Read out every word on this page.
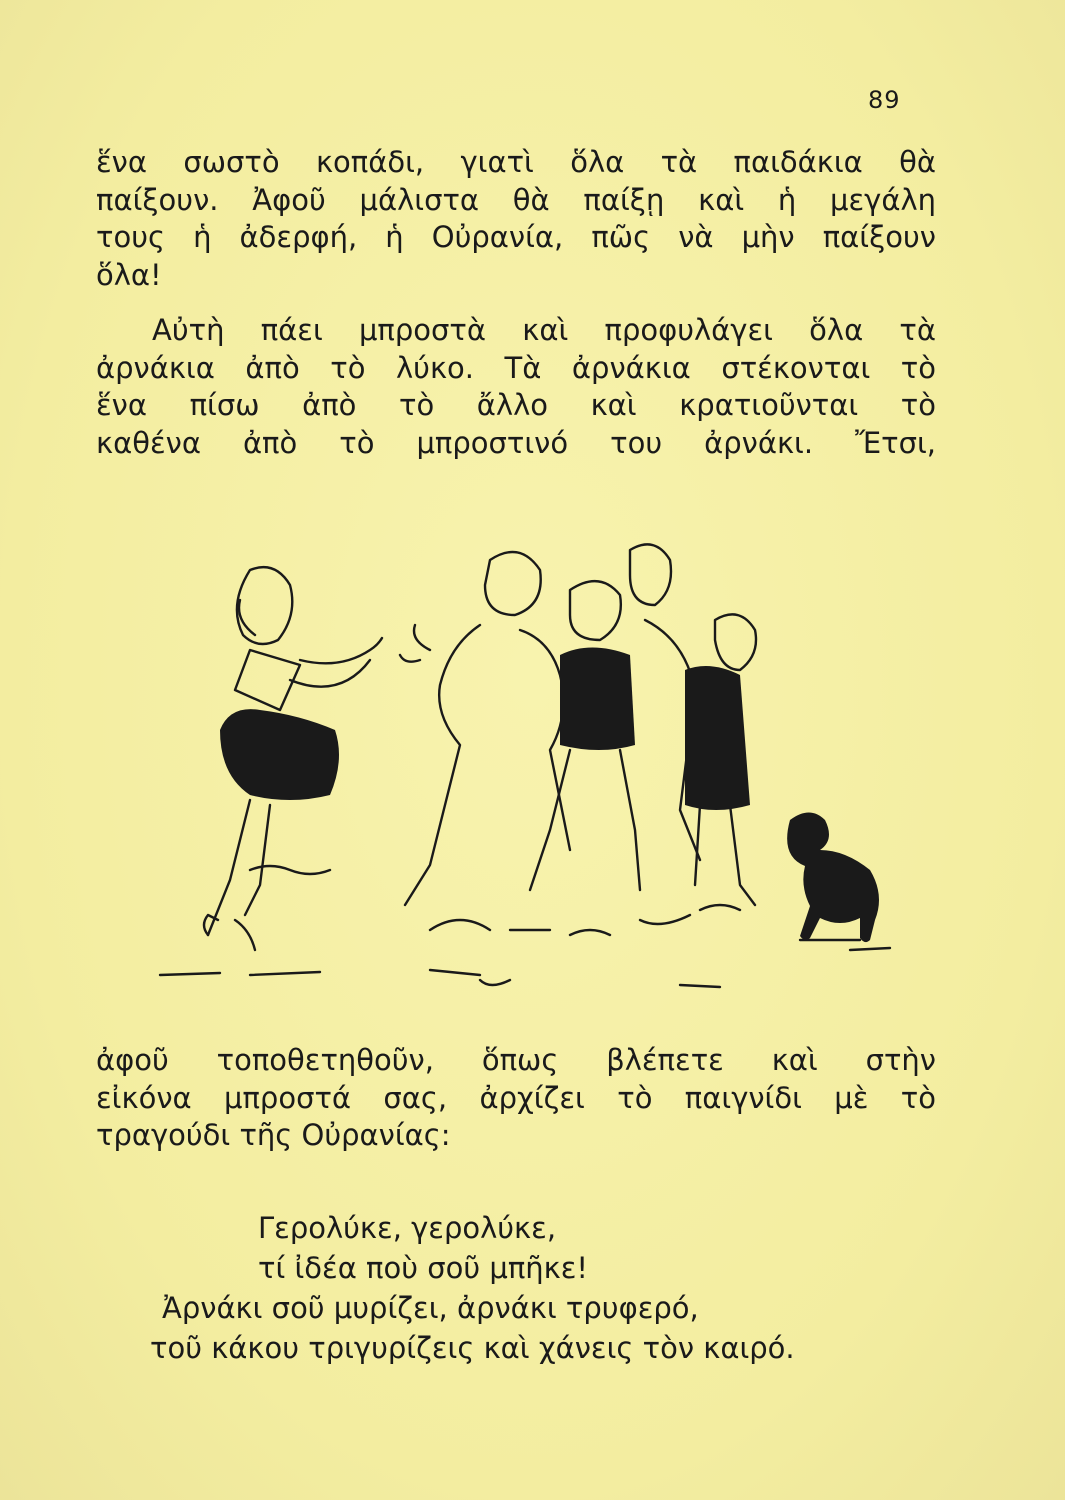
89

ἕνα σωστὸ κοπάδι, γιατὶ ὅλα τὰ παιδάκια θὰ
παίξουν. Ἀφοῦ μάλιστα θὰ παίξῃ καὶ ἡ μεγάλη
τους ἡ ἀδερφή, ἡ Οὐρανία, πῶς νὰ μὴν παίξουν
ὅλα!

Αὐτὴ πάει μπροστὰ καὶ προφυλάγει ὅλα τὰ
ἀρνάκια ἀπὸ τὸ λύκο. Τὰ ἀρνάκια στέκονται τὸ
ἕνα πίσω ἀπὸ τὸ ἄλλο καὶ κρατιοῦνται τὸ
καθένα ἀπὸ τὸ μπροστινό του ἀρνάκι. Ἔτσι,

ἀφοῦ τοποθετηθοῦν, ὅπως βλέπετε καὶ στὴν
εἰκόνα μπροστά σας, ἀρχίζει τὸ παιγνίδι μὲ τὸ
τραγούδι τῆς Οὐρανίας:

Γερολύκε, γερολύκε,
τί ἰδέα ποὺ σοῦ μπῆκε!
Ἀρνάκι σοῦ μυρίζει, ἀρνάκι τρυφερό,
τοῦ κάκου τριγυρίζεις καὶ χάνεις τὸν καιρό.
